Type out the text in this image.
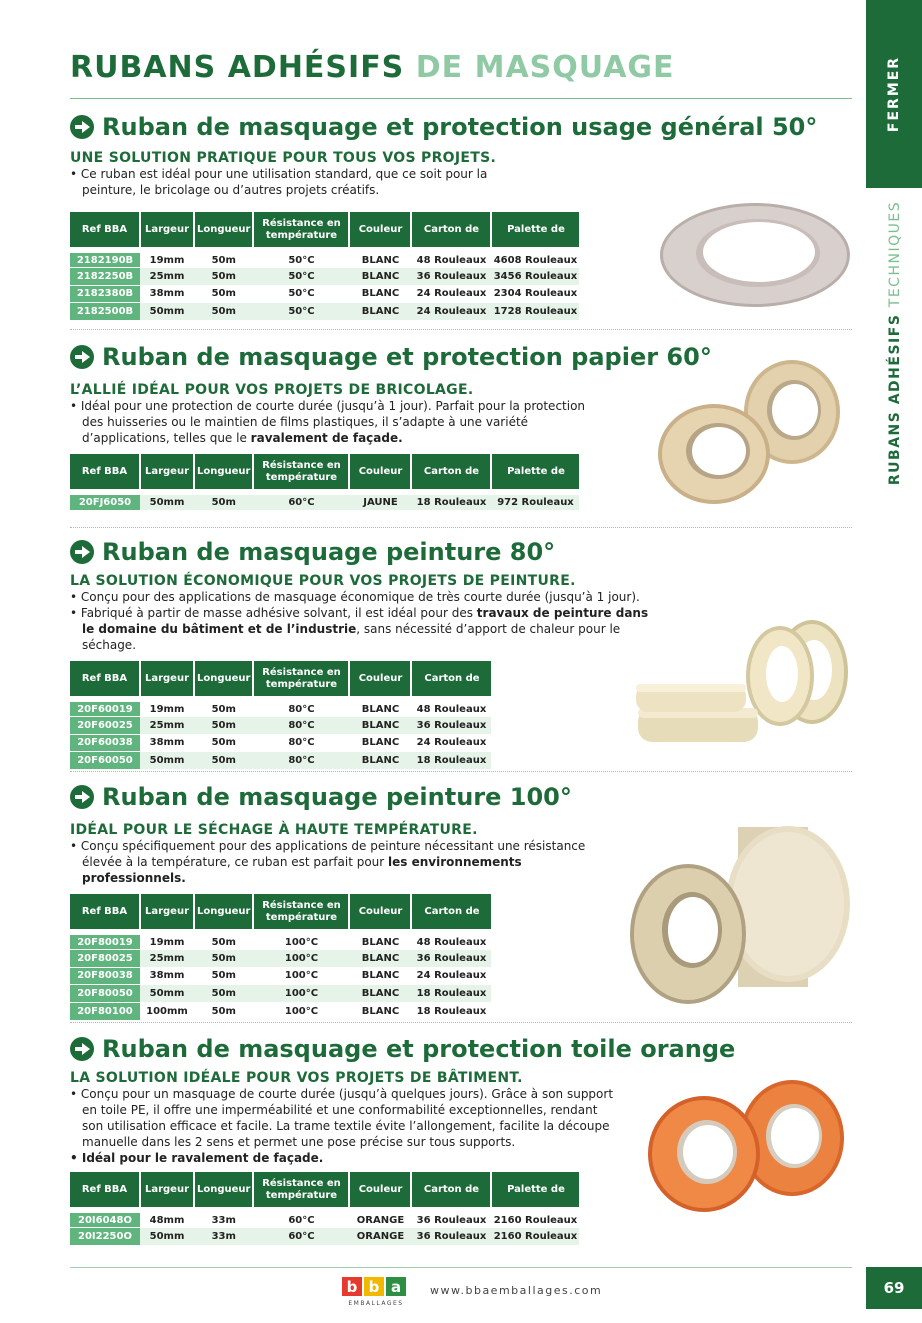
RUBANS ADHÉSIFS DE MASQUAGE	FERMER
RUBANS ADHÉSIFS TECHNIQUES
Ruban de masquage et protection usage général 50°
UNE SOLUTION PRATIQUE POUR TOUS VOS PROJETS.
• Ce ruban est idéal pour une utilisation standard, que ce soit pour la peinture, le bricolage ou d’autres projets créatifs.
Ref BBA	Largeur	Longueur	Résistance en température	Couleur	Carton de	Palette de
2182190B	19mm	50m	50°C	BLANC	48 Rouleaux	4608 Rouleaux
2182250B	25mm	50m	50°C	BLANC	36 Rouleaux	3456 Rouleaux
2182380B	38mm	50m	50°C	BLANC	24 Rouleaux	2304 Rouleaux
2182500B	50mm	50m	50°C	BLANC	24 Rouleaux	1728 Rouleaux
Ruban de masquage et protection papier 60°
L’ALLIÉ IDÉAL POUR VOS PROJETS DE BRICOLAGE.
• Idéal pour une protection de courte durée (jusqu’à 1 jour). Parfait pour la protection des huisseries ou le maintien de films plastiques, il s’adapte à une variété d’applications, telles que le ravalement de façade.
Ref BBA	Largeur	Longueur	Résistance en température	Couleur	Carton de	Palette de
20FJ6050	50mm	50m	60°C	JAUNE	18 Rouleaux	972 Rouleaux
Ruban de masquage peinture 80°
LA SOLUTION ÉCONOMIQUE POUR VOS PROJETS DE PEINTURE.
• Conçu pour des applications de masquage économique de très courte durée (jusqu’à 1 jour).
• Fabriqué à partir de masse adhésive solvant, il est idéal pour des travaux de peinture dans le domaine du bâtiment et de l’industrie, sans nécessité d’apport de chaleur pour le séchage.
Ref BBA	Largeur	Longueur	Résistance en température	Couleur	Carton de
20F60019	19mm	50m	80°C	BLANC	48 Rouleaux
20F60025	25mm	50m	80°C	BLANC	36 Rouleaux
20F60038	38mm	50m	80°C	BLANC	24 Rouleaux
20F60050	50mm	50m	80°C	BLANC	18 Rouleaux
Ruban de masquage peinture 100°
IDÉAL POUR LE SÉCHAGE À HAUTE TEMPÉRATURE.
• Conçu spécifiquement pour des applications de peinture nécessitant une résistance élevée à la température, ce ruban est parfait pour les environnements professionnels.
Ref BBA	Largeur	Longueur	Résistance en température	Couleur	Carton de
20F80019	19mm	50m	100°C	BLANC	48 Rouleaux
20F80025	25mm	50m	100°C	BLANC	36 Rouleaux
20F80038	38mm	50m	100°C	BLANC	24 Rouleaux
20F80050	50mm	50m	100°C	BLANC	18 Rouleaux
20F80100	100mm	50m	100°C	BLANC	18 Rouleaux
Ruban de masquage et protection toile orange
LA SOLUTION IDÉALE POUR VOS PROJETS DE BÂTIMENT.
• Conçu pour un masquage de courte durée (jusqu’à quelques jours). Grâce à son support en toile PE, il offre une imperméabilité et une conformabilité exceptionnelles, rendant son utilisation efficace et facile. La trame textile évite l’allongement, facilite la découpe manuelle dans les 2 sens et permet une pose précise sur tous supports.
• Idéal pour le ravalement de façade.
Ref BBA	Largeur	Longueur	Résistance en température	Couleur	Carton de	Palette de
20I6048O	48mm	33m	60°C	ORANGE	36 Rouleaux	2160 Rouleaux
20I2250O	50mm	33m	60°C	ORANGE	36 Rouleaux	2160 Rouleaux
b b a
EMBALLAGES
www.bbaemballages.com	69
